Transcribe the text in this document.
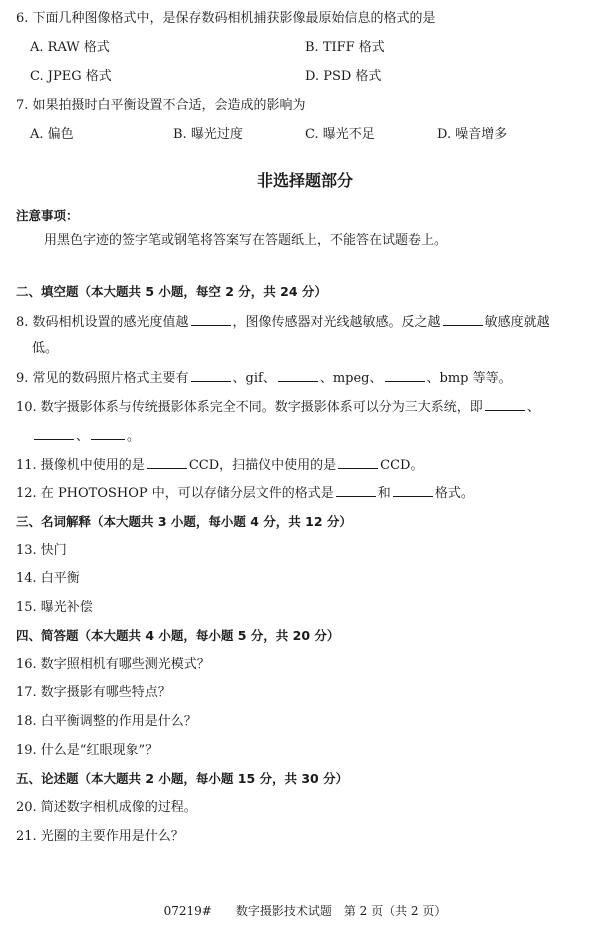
6. 下面几种图像格式中，是保存数码相机捕获影像最原始信息的格式的是
A. RAW 格式	B. TIFF 格式
C. JPEG 格式	D. PSD 格式
7. 如果拍摄时白平衡设置不合适，会造成的影响为
A. 偏色	B. 曝光过度	C. 曝光不足	D. 噪音增多
非选择题部分
注意事项：
用黑色字迹的签字笔或钢笔将答案写在答题纸上，不能答在试题卷上。
二、填空题（本大题共 5 小题，每空 2 分，共 24 分）
8. 数码相机设置的感光度值越	，图像传感器对光线越敏感。反之越	敏感度就越
低。
9. 常见的数码照片格式主要有	、gif、	、mpeg、	、bmp 等等。
10. 数字摄影体系与传统摄影体系完全不同。数字摄影体系可以分为三大系统，即	、
、	。
11. 摄像机中使用的是	CCD，扫描仪中使用的是	CCD。
12. 在 PHOTOSHOP 中，可以存储分层文件的格式是	和	格式。
三、名词解释（本大题共 3 小题，每小题 4 分，共 12 分）
13. 快门
14. 白平衡
15. 曝光补偿
四、简答题（本大题共 4 小题，每小题 5 分，共 20 分）
16. 数字照相机有哪些测光模式？
17. 数字摄影有哪些特点？
18. 白平衡调整的作用是什么？
19. 什么是“红眼现象”？
五、论述题（本大题共 2 小题，每小题 15 分，共 30 分）
20. 简述数字相机成像的过程。
21. 光圈的主要作用是什么？
07219#　　数字摄影技术试题　第 2 页（共 2 页）
